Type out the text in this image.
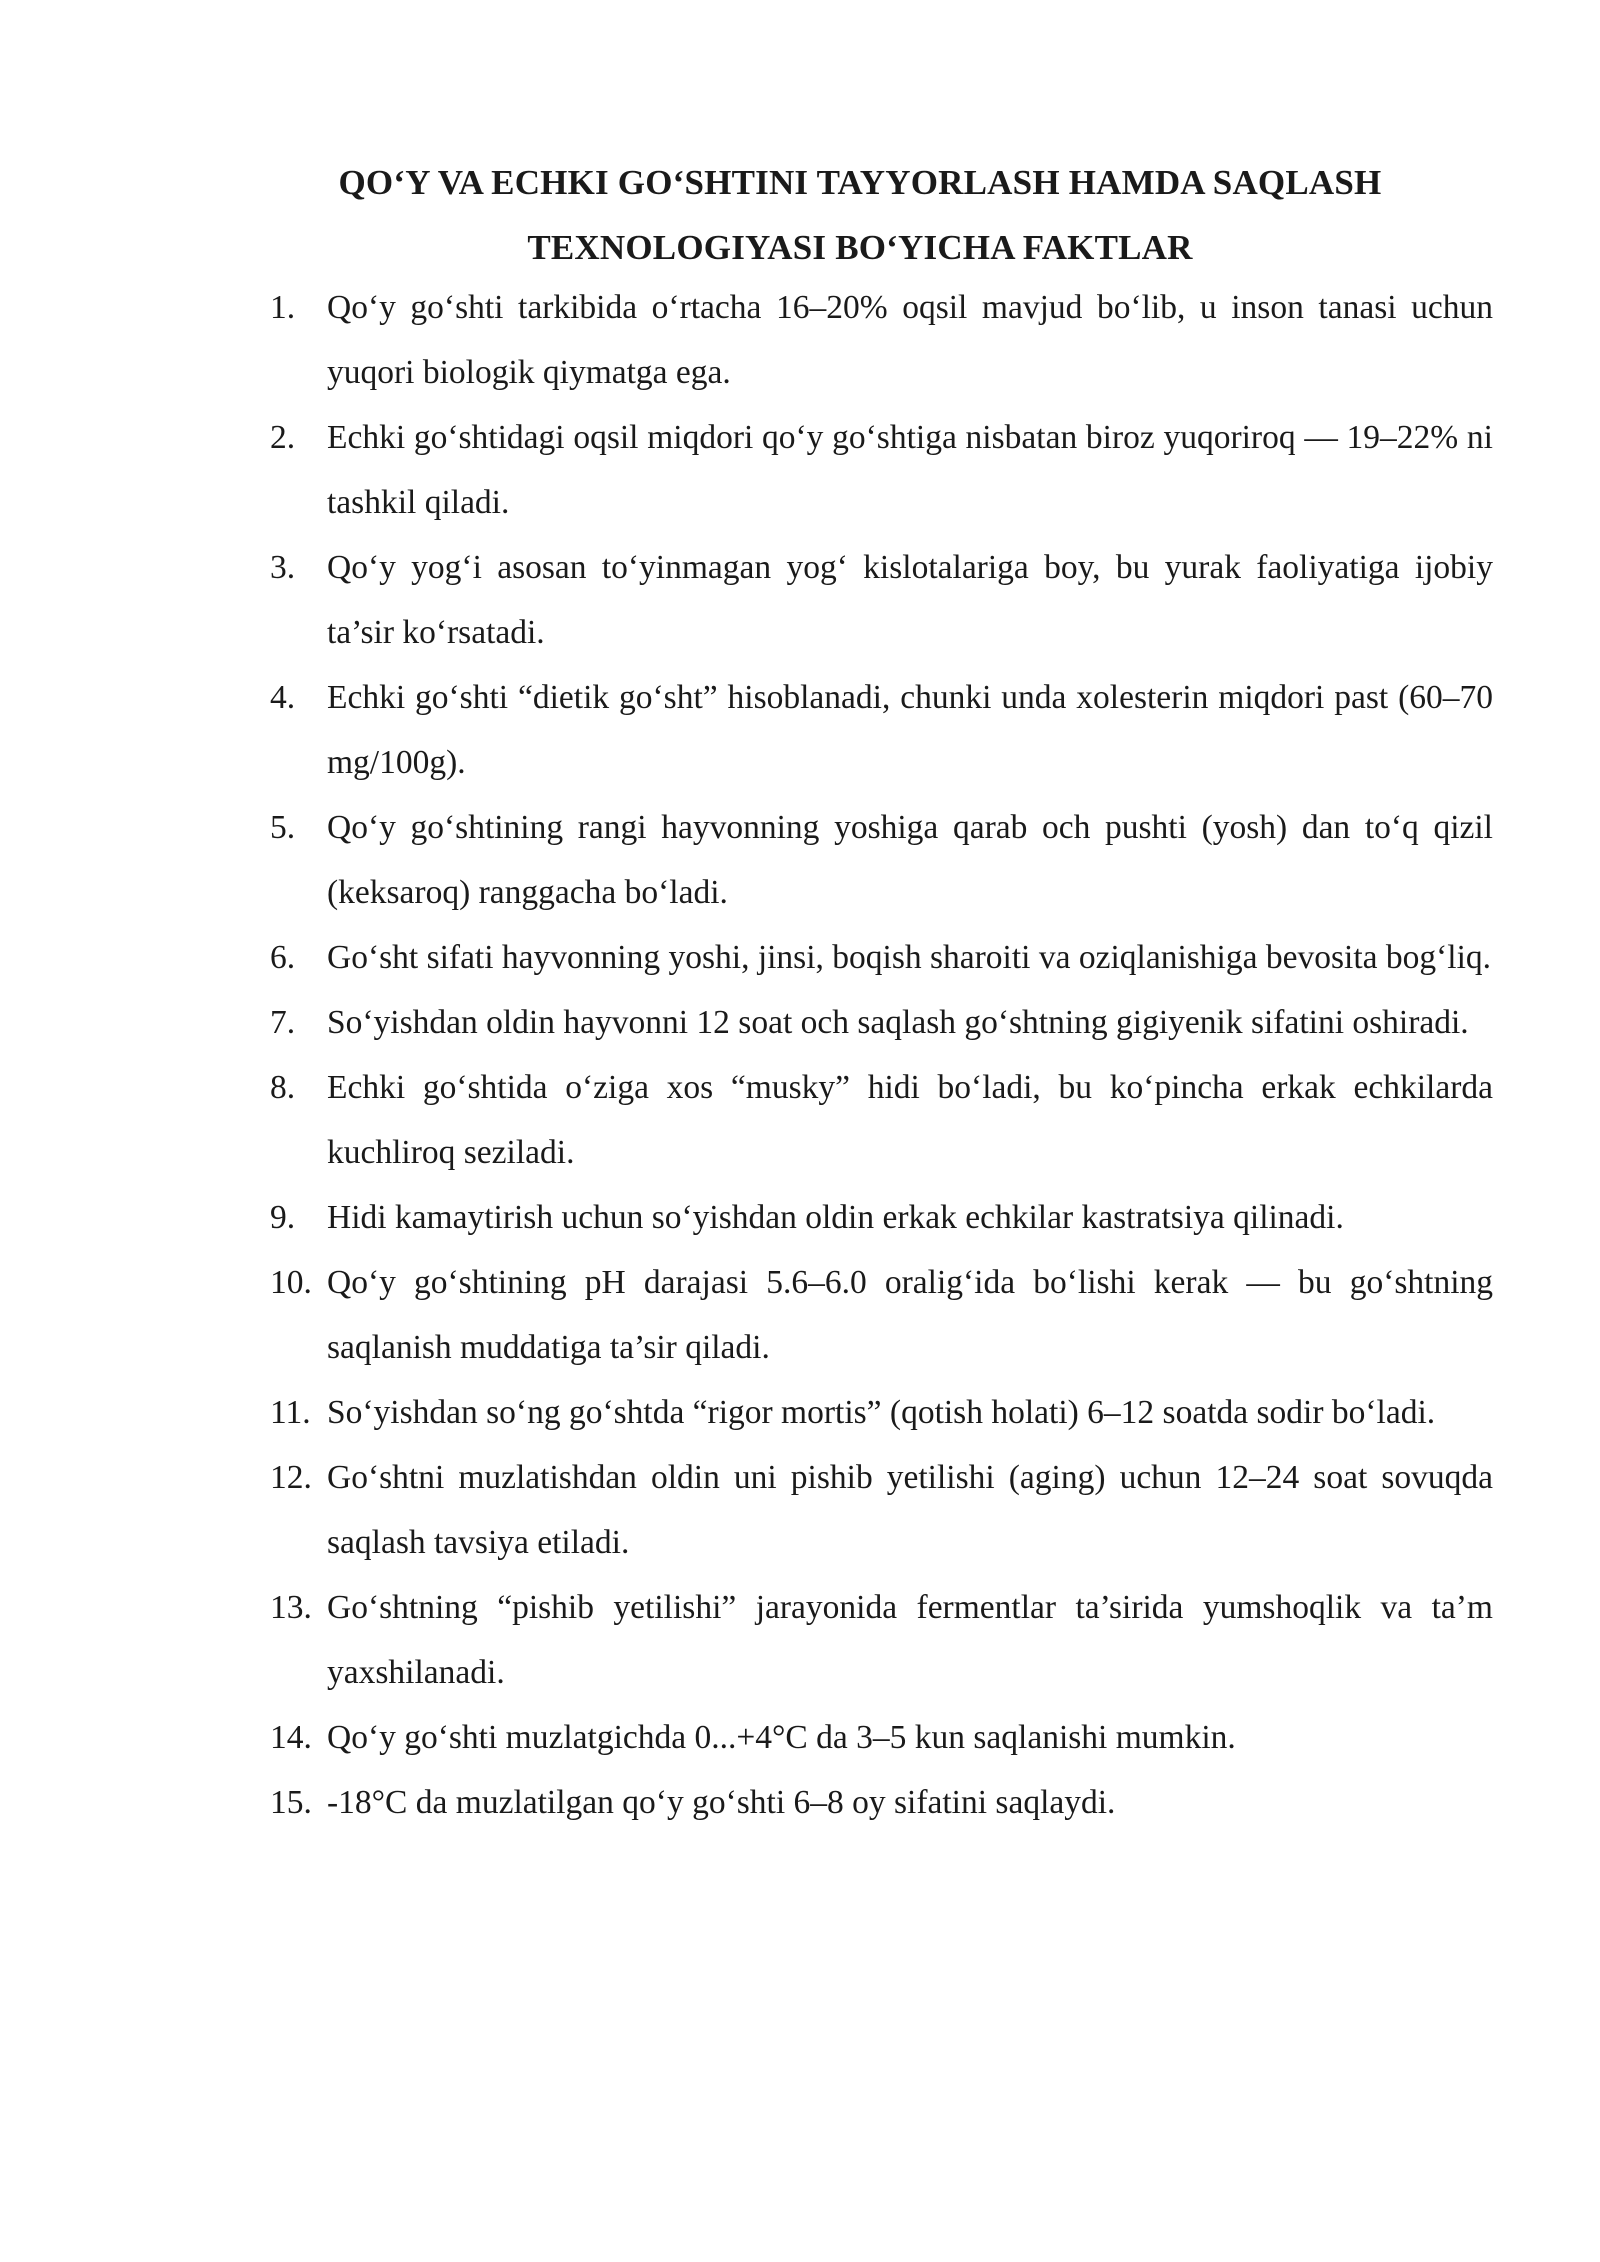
QO‘Y VA ECHKI GO‘SHTINI TAYYORLASH HAMDA SAQLASH
TEXNOLOGIYASI BO‘YICHA FAKTLAR
1. Qo‘y go‘shti tarkibida o‘rtacha 16–20% oqsil mavjud bo‘lib, u inson tanasi uchun yuqori biologik qiymatga ega.
2. Echki go‘shtidagi oqsil miqdori qo‘y go‘shtiga nisbatan biroz yuqoriroq — 19–22% ni tashkil qiladi.
3. Qo‘y yog‘i asosan to‘yinmagan yog‘ kislotalariga boy, bu yurak faoliyatiga ijobiy ta’sir ko‘rsatadi.
4. Echki go‘shti “dietik go‘sht” hisoblanadi, chunki unda xolesterin miqdori past (60–70 mg/100g).
5. Qo‘y go‘shtining rangi hayvonning yoshiga qarab och pushti (yosh) dan to‘q qizil (keksaroq) ranggacha bo‘ladi.
6. Go‘sht sifati hayvonning yoshi, jinsi, boqish sharoiti va oziqlanishiga bevosita bog‘liq.
7. So‘yishdan oldin hayvonni 12 soat och saqlash go‘shtning gigiyenik sifatini oshiradi.
8. Echki go‘shtida o‘ziga xos “musky” hidi bo‘ladi, bu ko‘pincha erkak echkilarda kuchliroq seziladi.
9. Hidi kamaytirish uchun so‘yishdan oldin erkak echkilar kastratsiya qilinadi.
10. Qo‘y go‘shtining pH darajasi 5.6–6.0 oralig‘ida bo‘lishi kerak — bu go‘shtning saqlanish muddatiga ta’sir qiladi.
11. So‘yishdan so‘ng go‘shtda “rigor mortis” (qotish holati) 6–12 soatda sodir bo‘ladi.
12. Go‘shtni muzlatishdan oldin uni pishib yetilishi (aging) uchun 12–24 soat sovuqda saqlash tavsiya etiladi.
13. Go‘shtning “pishib yetilishi” jarayonida fermentlar ta’sirida yumshoqlik va ta’m yaxshilanadi.
14. Qo‘y go‘shti muzlatgichda 0...+4°C da 3–5 kun saqlanishi mumkin.
15. -18°C da muzlatilgan qo‘y go‘shti 6–8 oy sifatini saqlaydi.
